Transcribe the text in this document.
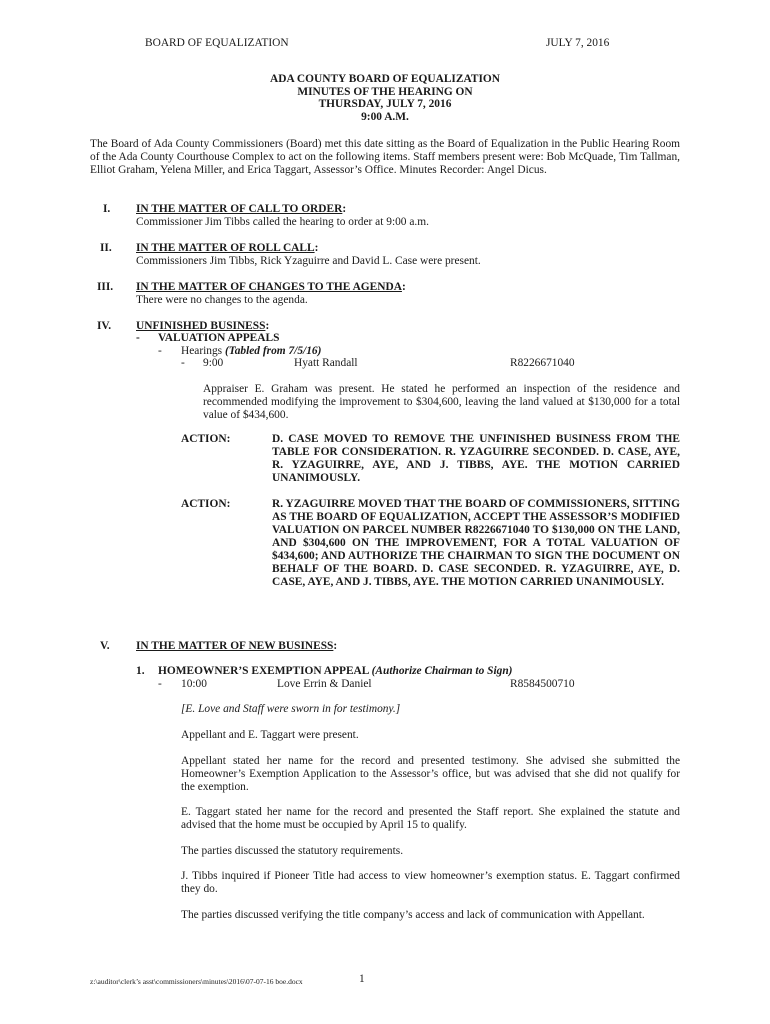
BOARD OF EQUALIZATION	JULY 7, 2016
ADA COUNTY BOARD OF EQUALIZATION
MINUTES OF THE HEARING ON
THURSDAY, JULY 7, 2016
9:00 A.M.
The Board of Ada County Commissioners (Board) met this date sitting as the Board of Equalization in the Public Hearing Room of the Ada County Courthouse Complex to act on the following items. Staff members present were: Bob McQuade, Tim Tallman, Elliot Graham, Yelena Miller, and Erica Taggart, Assessor’s Office. Minutes Recorder: Angel Dicus.
I. IN THE MATTER OF CALL TO ORDER:
Commissioner Jim Tibbs called the hearing to order at 9:00 a.m.
II. IN THE MATTER OF ROLL CALL:
Commissioners Jim Tibbs, Rick Yzaguirre and David L. Case were present.
III. IN THE MATTER OF CHANGES TO THE AGENDA:
There were no changes to the agenda.
IV. UNFINISHED BUSINESS:
- VALUATION APPEALS
- Hearings (Tabled from 7/5/16)
- 9:00	Hyatt Randall	R8226671040
Appraiser E. Graham was present. He stated he performed an inspection of the residence and recommended modifying the improvement to $304,600, leaving the land valued at $130,000 for a total value of $434,600.
ACTION:	D. CASE MOVED TO REMOVE THE UNFINISHED BUSINESS FROM THE TABLE FOR CONSIDERATION. R. YZAGUIRRE SECONDED. D. CASE, AYE, R. YZAGUIRRE, AYE, AND J. TIBBS, AYE. THE MOTION CARRIED UNANIMOUSLY.
ACTION:	R. YZAGUIRRE MOVED THAT THE BOARD OF COMMISSIONERS, SITTING AS THE BOARD OF EQUALIZATION, ACCEPT THE ASSESSOR’S MODIFIED VALUATION ON PARCEL NUMBER R8226671040 TO $130,000 ON THE LAND, AND $304,600 ON THE IMPROVEMENT, FOR A TOTAL VALUATION OF $434,600; AND AUTHORIZE THE CHAIRMAN TO SIGN THE DOCUMENT ON BEHALF OF THE BOARD. D. CASE SECONDED. R. YZAGUIRRE, AYE, D. CASE, AYE, AND J. TIBBS, AYE. THE MOTION CARRIED UNANIMOUSLY.
V. IN THE MATTER OF NEW BUSINESS:
1. HOMEOWNER’S EXEMPTION APPEAL (Authorize Chairman to Sign)
- 10:00	Love Errin & Daniel	R8584500710
[E. Love and Staff were sworn in for testimony.]
Appellant and E. Taggart were present.
Appellant stated her name for the record and presented testimony. She advised she submitted the Homeowner’s Exemption Application to the Assessor’s office, but was advised that she did not qualify for the exemption.
E. Taggart stated her name for the record and presented the Staff report. She explained the statute and advised that the home must be occupied by April 15 to qualify.
The parties discussed the statutory requirements.
J. Tibbs inquired if Pioneer Title had access to view homeowner’s exemption status. E. Taggart confirmed they do.
The parties discussed verifying the title company’s access and lack of communication with Appellant.
z:\auditor\clerk’s asst\commissioners\minutes\2016\07-07-16 boe.docx	1
